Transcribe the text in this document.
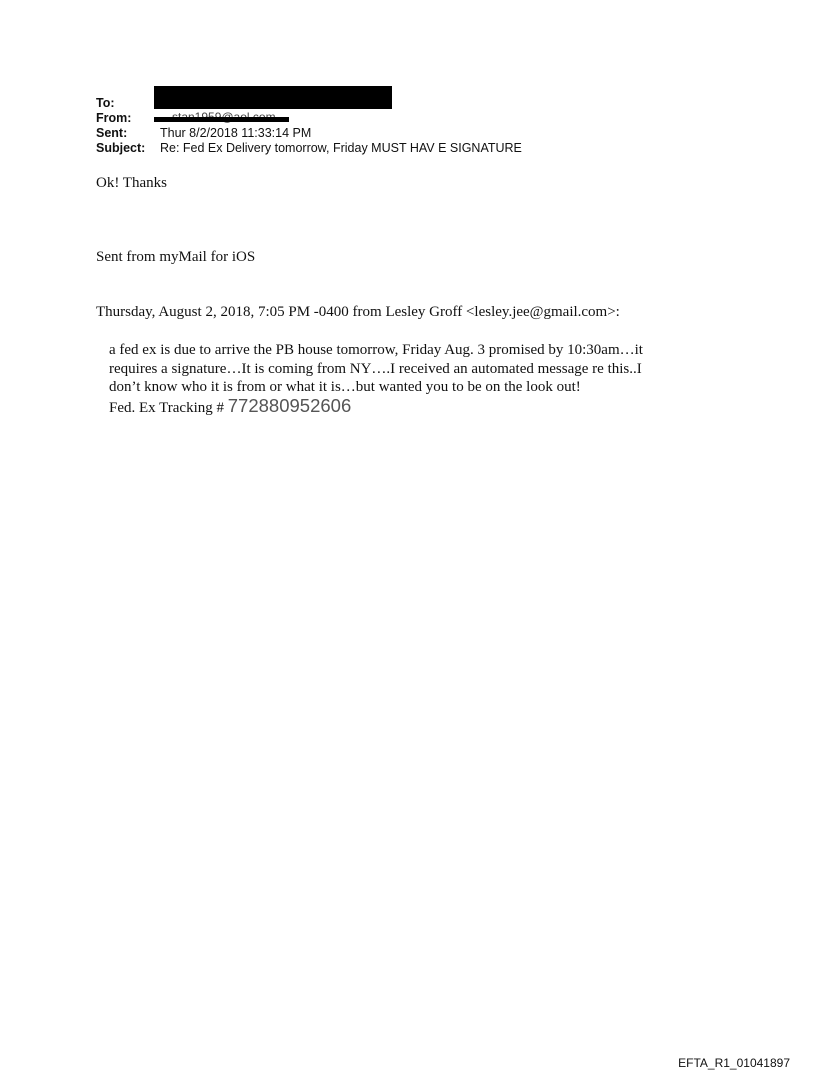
To:
From:
Sent:	Thur 8/2/2018 11:33:14 PM
Subject: Re: Fed Ex Delivery tomorrow, Friday MUST HAV E SIGNATURE
Ok! Thanks
Sent from myMail for iOS
Thursday, August 2, 2018, 7:05 PM -0400 from Lesley Groff <lesley.jee@gmail.com>:

a fed ex is due to arrive the PB house tomorrow, Friday Aug. 3 promised by 10:30am…it

requires a signature…It is coming from NY….I received an automated message re this..I

don’t know who it is from or what it is…but wanted you to be on the look out!

Fed. Ex Tracking # 772880952606

EFTA_R1_01041897
